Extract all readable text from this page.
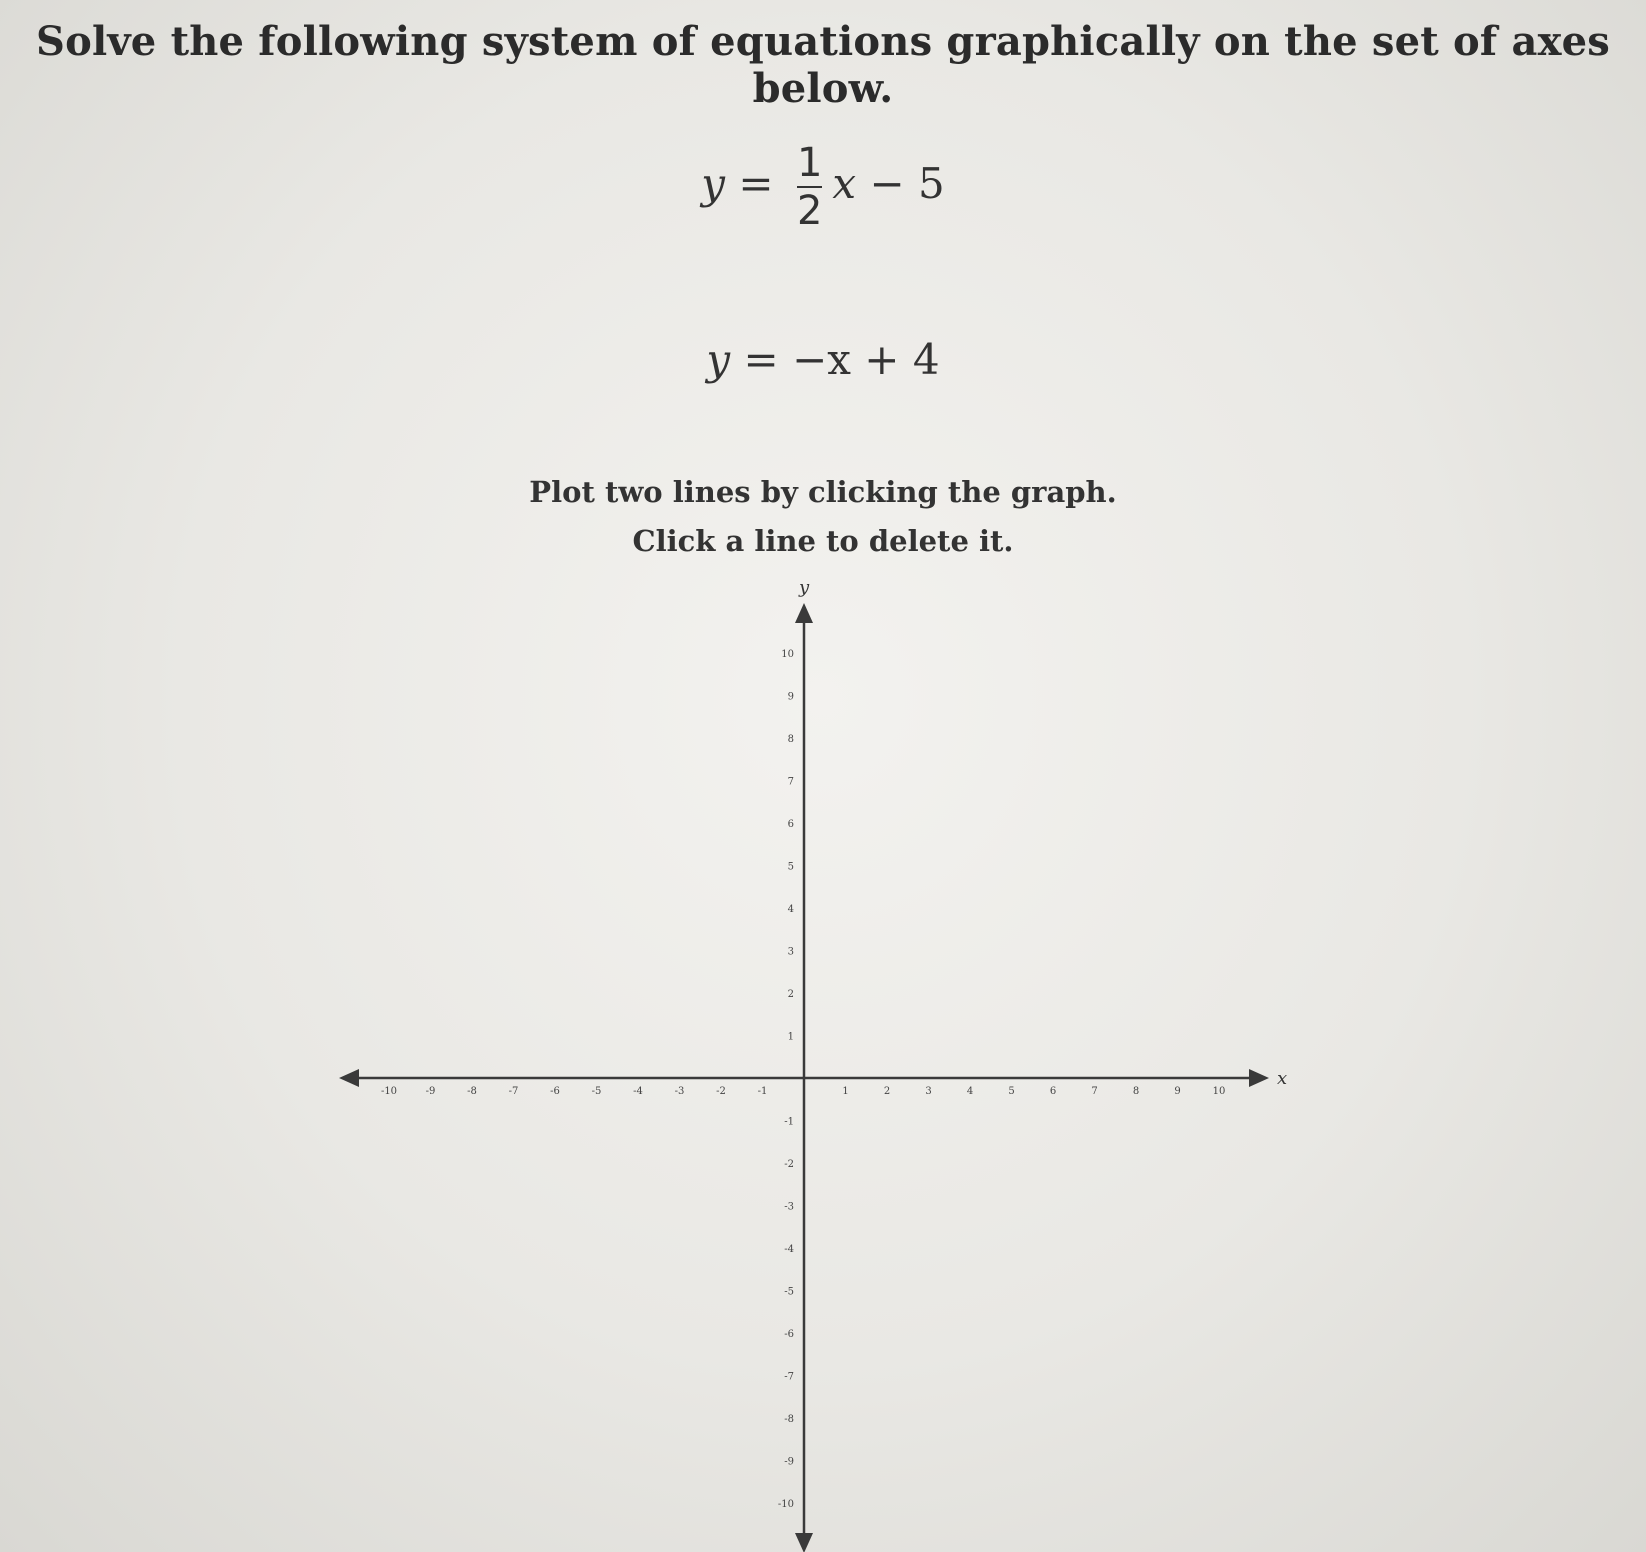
Solve the following system of equations graphically on the set of axes below.
$y = \frac{1}{2}$ x − 5
y = −x + 4
Plot two lines by clicking the graph.
Click a line to delete it.
-10	-9	-8	-7	-6	-5	-4	-3	-2	-1	1	2	3	4	5	6	7	8	9	10
-10
-9
-8
-7
-6
-5
-4
-3
-2
-1
1
2
3
4
5
6
7
8
9
10
x
y
